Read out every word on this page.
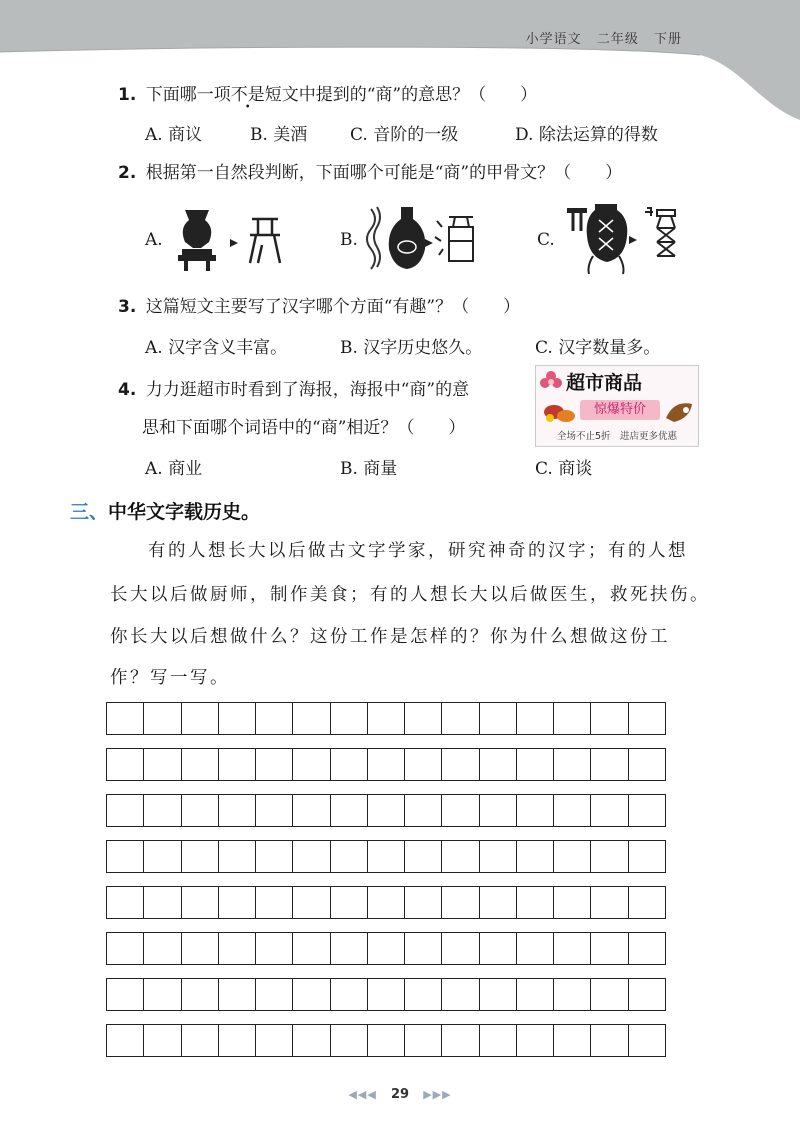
小学语文 二年级 下册
1. 下面哪一项不是短文中提到的“商”的意思？（　　）
A. 商议	B. 美酒	C. 音阶的一级	D. 除法运算的得数
2. 根据第一自然段判断，下面哪个可能是“商”的甲骨文？（　　）
A.	B.	C.
3. 这篇短文主要写了汉字哪个方面“有趣”？（　　）
A. 汉字含义丰富。	B. 汉字历史悠久。	C. 汉字数量多。
4. 力力逛超市时看到了海报，海报中“商”的意
思和下面哪个词语中的“商”相近？（　　）
A. 商业	B. 商量	C. 商谈
超市商品
惊爆特价
全场不止5折　进店更多优惠
三、中华文字载历史。
有的人想长大以后做古文字学家，研究神奇的汉字；有的人想
长大以后做厨师，制作美食；有的人想长大以后做医生，救死扶伤。
你长大以后想做什么？这份工作是怎样的？你为什么想做这份工
作？写一写。
◀◀◀ 29 ▶▶▶
